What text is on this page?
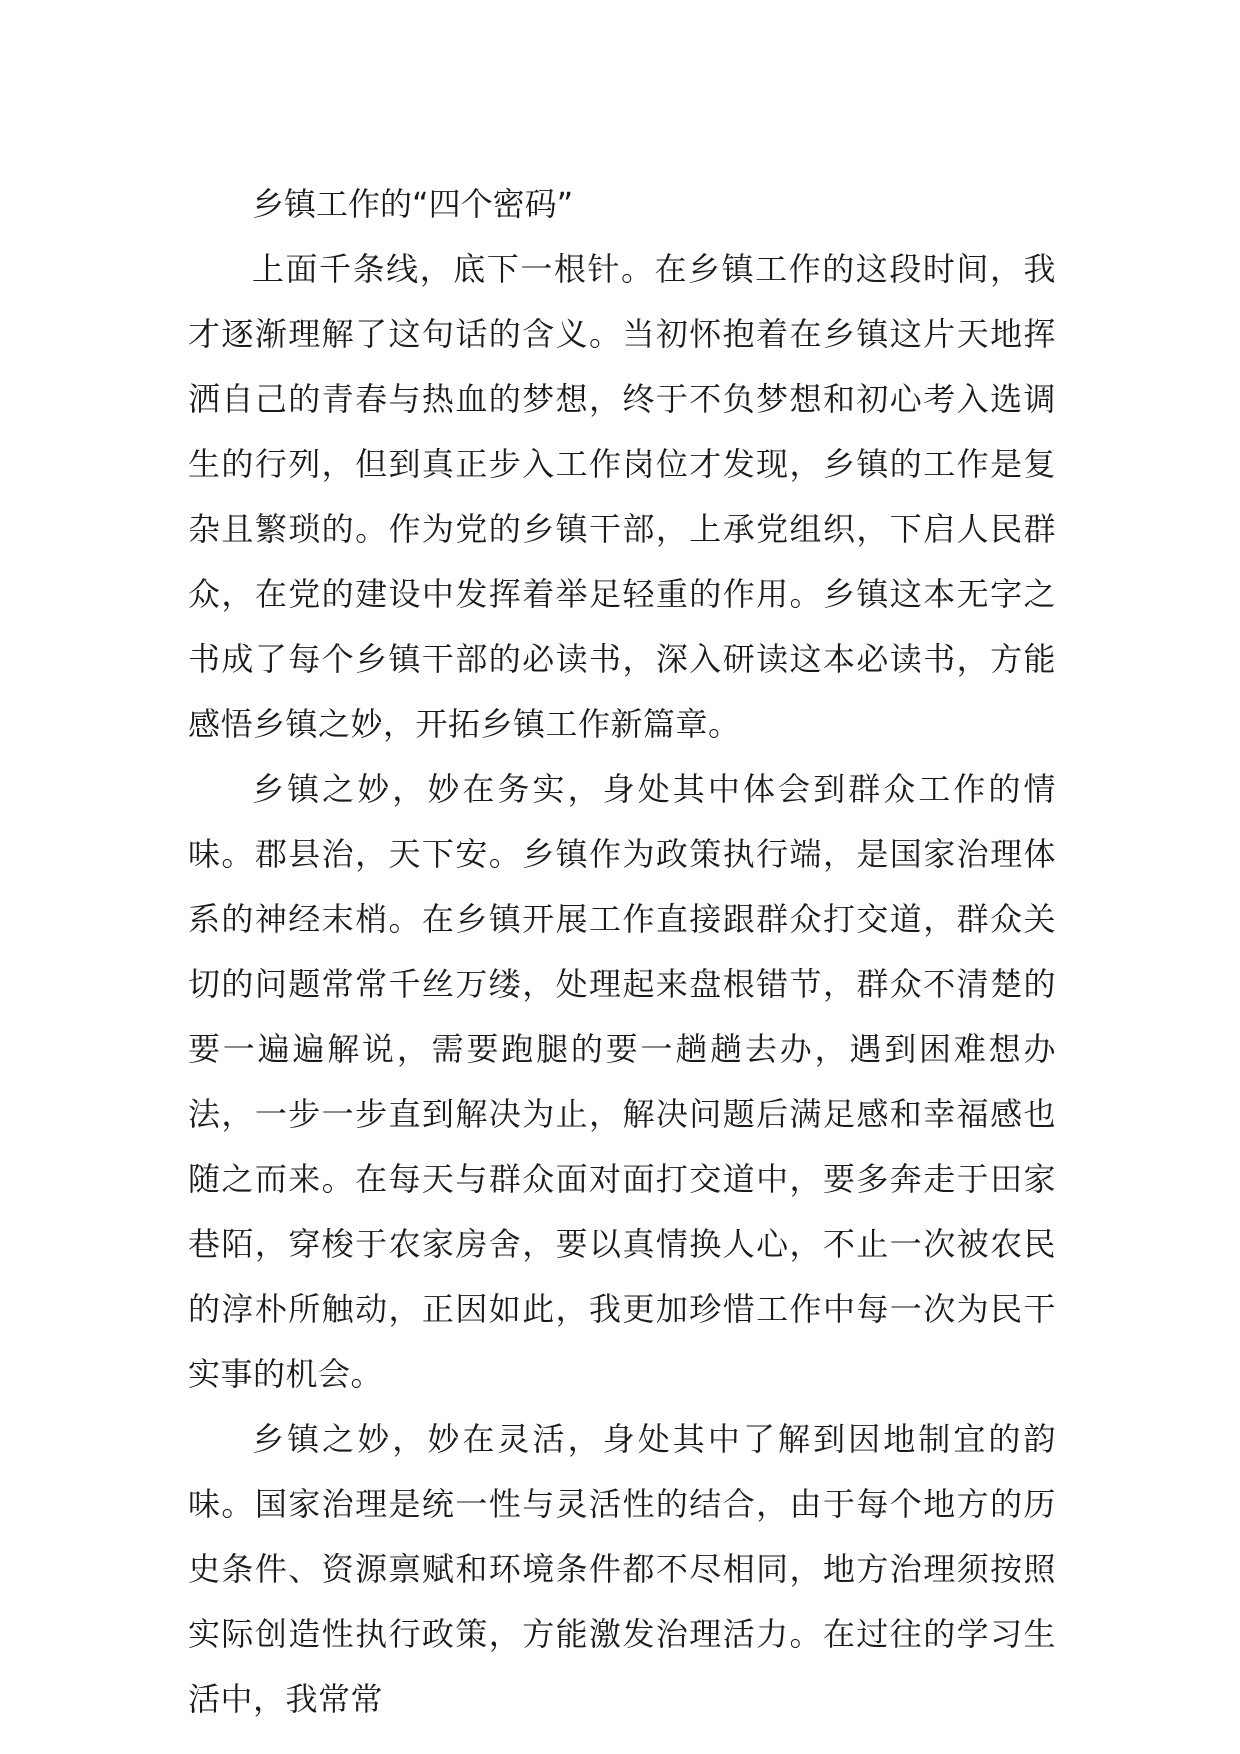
乡镇工作的“四个密码”

上面千条线，底下一根针。在乡镇工作的这段时间，我才逐渐理解了这句话的含义。当初怀抱着在乡镇这片天地挥洒自己的青春与热血的梦想，终于不负梦想和初心考入选调生的行列，但到真正步入工作岗位才发现，乡镇的工作是复杂且繁琐的。作为党的乡镇干部，上承党组织，下启人民群众，在党的建设中发挥着举足轻重的作用。乡镇这本无字之书成了每个乡镇干部的必读书，深入研读这本必读书，方能感悟乡镇之妙，开拓乡镇工作新篇章。

乡镇之妙，妙在务实，身处其中体会到群众工作的情味。郡县治，天下安。乡镇作为政策执行端，是国家治理体系的神经末梢。在乡镇开展工作直接跟群众打交道，群众关切的问题常常千丝万缕，处理起来盘根错节，群众不清楚的要一遍遍解说，需要跑腿的要一趟趟去办，遇到困难想办法，一步一步直到解决为止，解决问题后满足感和幸福感也随之而来。在每天与群众面对面打交道中，要多奔走于田家巷陌，穿梭于农家房舍，要以真情换人心，不止一次被农民的淳朴所触动，正因如此，我更加珍惜工作中每一次为民干实事的机会。

乡镇之妙，妙在灵活，身处其中了解到因地制宜的韵味。国家治理是统一性与灵活性的结合，由于每个地方的历史条件、资源禀赋和环境条件都不尽相同，地方治理须按照实际创造性执行政策，方能激发治理活力。在过往的学习生活中，我常常
